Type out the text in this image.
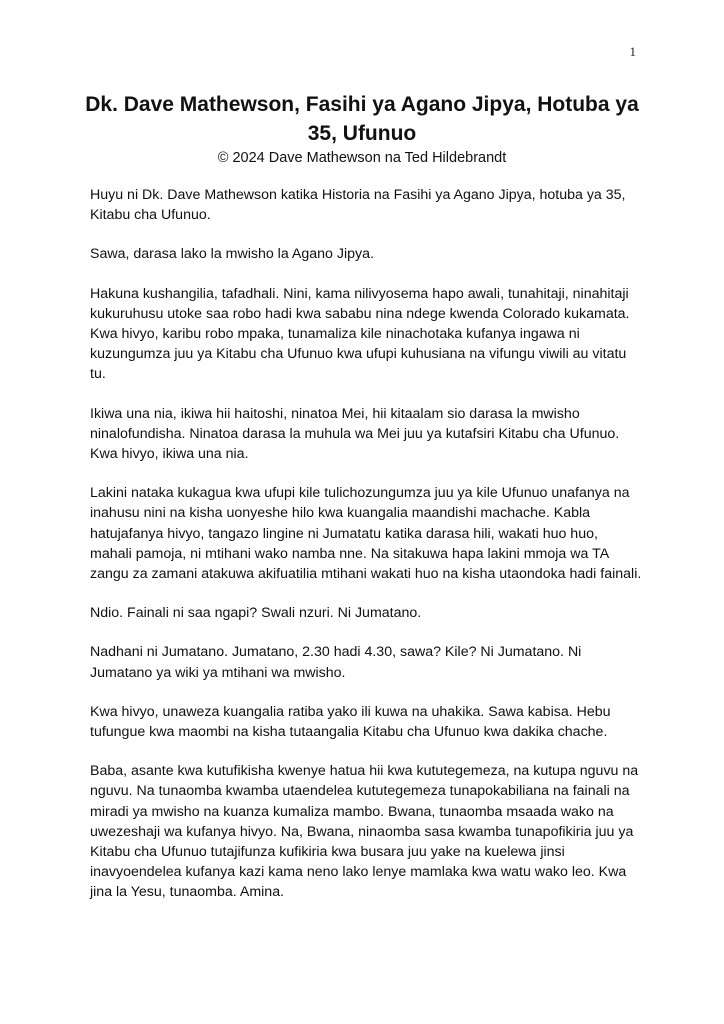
1
Dk. Dave Mathewson, Fasihi ya Agano Jipya, Hotuba ya 35, Ufunuo
© 2024 Dave Mathewson na Ted Hildebrandt

Huyu ni Dk. Dave Mathewson katika Historia na Fasihi ya Agano Jipya, hotuba ya 35, Kitabu cha Ufunuo.

Sawa, darasa lako la mwisho la Agano Jipya.

Hakuna kushangilia, tafadhali. Nini, kama nilivyosema hapo awali, tunahitaji, ninahitaji kukuruhusu utoke saa robo hadi kwa sababu nina ndege kwenda Colorado kukamata. Kwa hivyo, karibu robo mpaka, tunamaliza kile ninachotaka kufanya ingawa ni kuzungumza juu ya Kitabu cha Ufunuo kwa ufupi kuhusiana na vifungu viwili au vitatu tu.

Ikiwa una nia, ikiwa hii haitoshi, ninatoa Mei, hii kitaalam sio darasa la mwisho ninalofundisha. Ninatoa darasa la muhula wa Mei juu ya kutafsiri Kitabu cha Ufunuo. Kwa hivyo, ikiwa una nia.

Lakini nataka kukagua kwa ufupi kile tulichozungumza juu ya kile Ufunuo unafanya na inahusu nini na kisha uonyeshe hilo kwa kuangalia maandishi machache. Kabla hatujafanya hivyo, tangazo lingine ni Jumatatu katika darasa hili, wakati huo huo, mahali pamoja, ni mtihani wako namba nne. Na sitakuwa hapa lakini mmoja wa TA zangu za zamani atakuwa akifuatilia mtihani wakati huo na kisha utaondoka hadi fainali.

Ndio. Fainali ni saa ngapi? Swali nzuri. Ni Jumatano.

Nadhani ni Jumatano. Jumatano, 2.30 hadi 4.30, sawa? Kile? Ni Jumatano. Ni Jumatano ya wiki ya mtihani wa mwisho.

Kwa hivyo, unaweza kuangalia ratiba yako ili kuwa na uhakika. Sawa kabisa. Hebu tufungue kwa maombi na kisha tutaangalia Kitabu cha Ufunuo kwa dakika chache.

Baba, asante kwa kutufikisha kwenye hatua hii kwa kututegemeza, na kutupa nguvu na nguvu. Na tunaomba kwamba utaendelea kututegemeza tunapokabiliana na fainali na miradi ya mwisho na kuanza kumaliza mambo. Bwana, tunaomba msaada wako na uwezeshaji wa kufanya hivyo. Na, Bwana, ninaomba sasa kwamba tunapofikiria juu ya Kitabu cha Ufunuo tutajifunza kufikiria kwa busara juu yake na kuelewa jinsi inavyoendelea kufanya kazi kama neno lako lenye mamlaka kwa watu wako leo. Kwa jina la Yesu, tunaomba. Amina.
